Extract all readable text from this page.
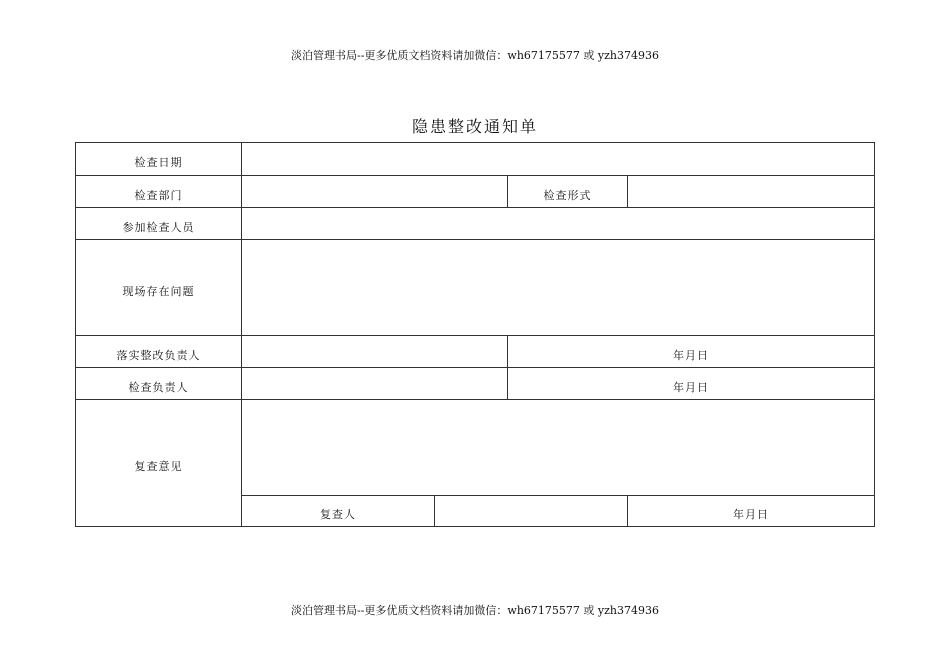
淡泊管理书局--更多优质文档资料请加微信：wh67175577 或 yzh374936
隐患整改通知单
检查日期
检查部门	检查形式
参加检查人员
现场存在问题
落实整改负责人	年月日
检查负责人	年月日
复查意见
复查人	年月日
淡泊管理书局--更多优质文档资料请加微信：wh67175577 或 yzh374936
